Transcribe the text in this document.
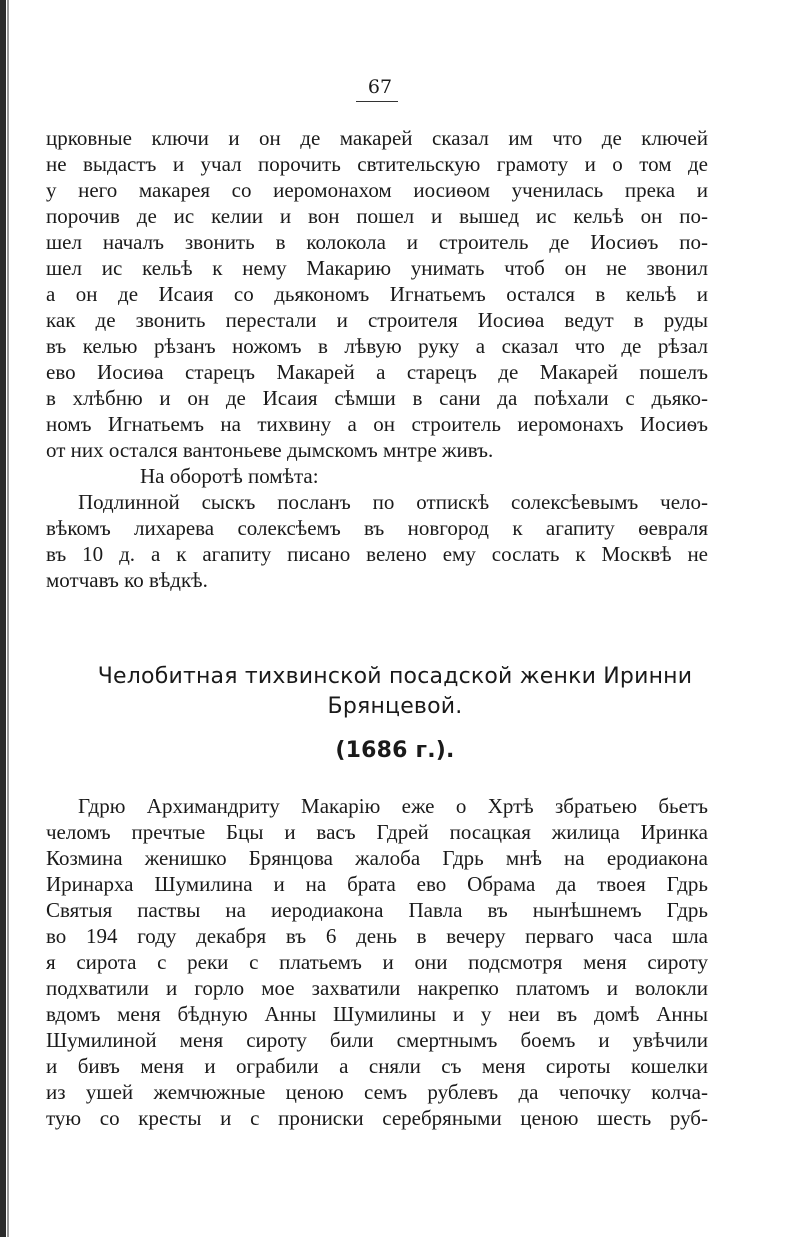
67
црковные ключи и он де макарей сказал им что де ключей
не выдастъ и учал порочить свтительскую грамоту и о том де
у него макарея со иеромонахом иосиѳом ученилась прека и
порочив де ис келии и вон пошел и вышед ис кельѣ он по-
шел началъ звонить в колокола и строитель де Иосиѳъ по-
шел ис кельѣ к нему Макарию унимать чтоб он не звонил
а он де Исаия со дьякономъ Игнатьемъ остался в кельѣ и
как де звонить перестали и строителя Иосиѳа ведут в руды
въ келью рѣзанъ ножомъ в лѣвую руку а сказал что де рѣзал
ево Иосиѳа старецъ Макарей а старецъ де Макарей пошелъ
в хлѣбню и он де Исаия сѣмши в сани да поѣхали с дьяко-
номъ Игнатьемъ на тихвину а он строитель иеромонахъ Иосиѳъ
от них остался вантоньеве дымскомъ мнтре живъ.
На оборотѣ помѣта:
Подлинной сыскъ посланъ по отпискѣ солексѣевымъ чело-
вѣкомъ лихарева солексѣемъ въ новгород к агапиту ѳевраля
въ 10 д. а к агапиту писано велено ему сослать к Москвѣ не
мотчавъ ко вѣдкѣ.
Челобитная тихвинской посадской женки Иринни
Брянцевой.
(1686 г.).
Гдрю Архимандриту Макарію еже о Хртѣ збратьею бьетъ
челомъ пречтые Бцы и васъ Гдрей посацкая жилица Иринка
Козмина женишко Брянцова жалоба Гдрь мнѣ на еродиакона
Иринарха Шумилина и на брата ево Обрама да твоея Гдрь
Святыя паствы на иеродиакона Павла въ нынѣшнемъ Гдрь
во 194 году декабря въ 6 день в вечеру перваго часа шла
я сирота с реки с платьемъ и они подсмотря меня сироту
подхватили и горло мое захватили накрепко платомъ и волокли
вдомъ меня бѣдную Анны Шумилины и у неи въ домѣ Анны
Шумилиной меня сироту били смертнымъ боемъ и увѣчили
и бивъ меня и ограбили а сняли съ меня сироты кошелки
из ушей жемчюжные ценою семъ рублевъ да чепочку колча-
тую со кресты и с прониски серебряными ценою шесть руб-
